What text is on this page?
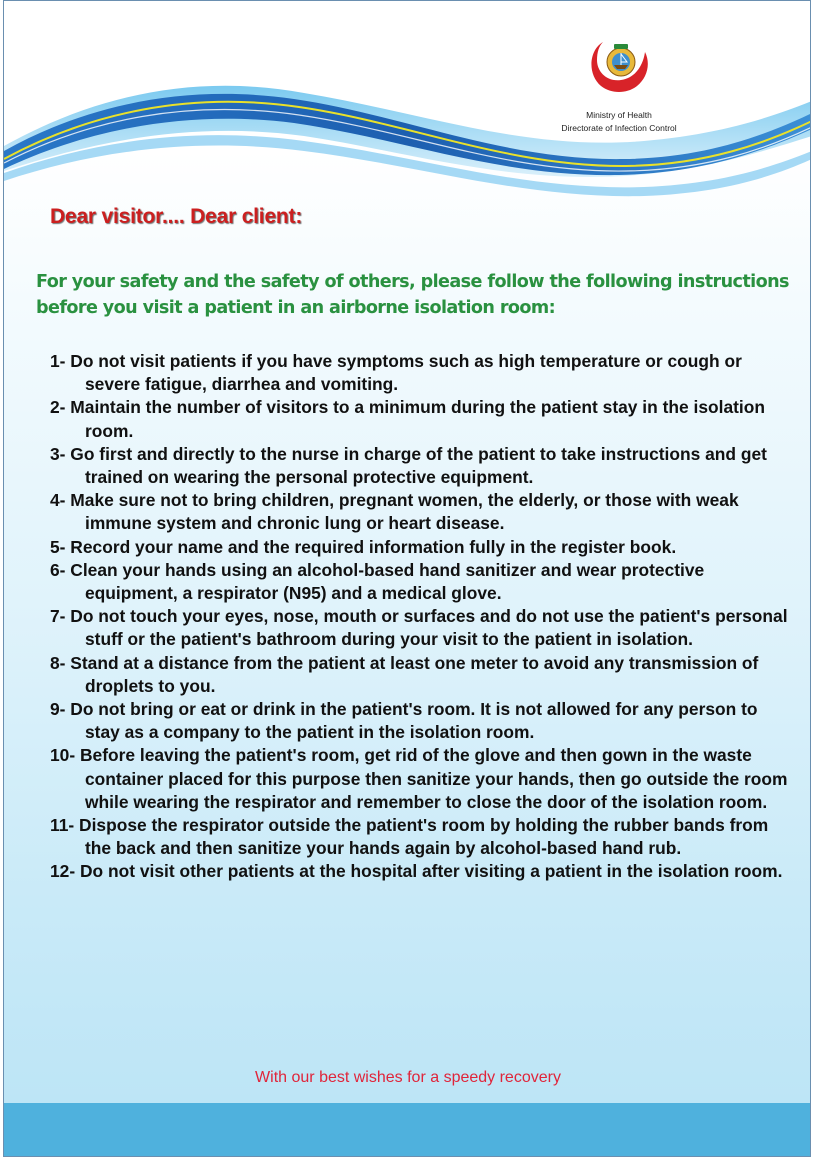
Ministry of Health
Directorate of Infection Control
Dear visitor.... Dear client:
For your safety and the safety of others, please follow the following instructions before you visit a patient in an airborne isolation room:
1- Do not visit patients if you have symptoms such as high temperature or cough or severe fatigue, diarrhea and vomiting.
2- Maintain the number of visitors to a minimum during the patient stay in the isolation room.
3- Go first and directly to the nurse in charge of the patient to take instructions and get trained on wearing the personal protective equipment.
4- Make sure not to bring children, pregnant women, the elderly, or those with weak immune system and chronic lung or heart disease.
5- Record your name and the required information fully in the register book.
6- Clean your hands using an alcohol-based hand sanitizer and wear protective equipment, a respirator (N95) and a medical glove.
7- Do not touch your eyes, nose, mouth or surfaces and do not use the patient's personal stuff or the patient's bathroom during your visit to the patient in isolation.
8- Stand at a distance from the patient at least one meter to avoid any transmission of droplets to you.
9- Do not bring or eat or drink in the patient's room. It is not allowed for any person to stay as a company to the patient in the isolation room.
10- Before leaving the patient's room, get rid of the glove and then gown in the waste container placed for this purpose then sanitize your hands, then go outside the room while wearing the respirator and remember to close the door of the isolation room.
11- Dispose the respirator outside the patient's room by holding the rubber bands from the back and then sanitize your hands again by alcohol-based hand rub.
12- Do not visit other patients at the hospital after visiting a patient in the isolation room.
With our best wishes for a speedy recovery
